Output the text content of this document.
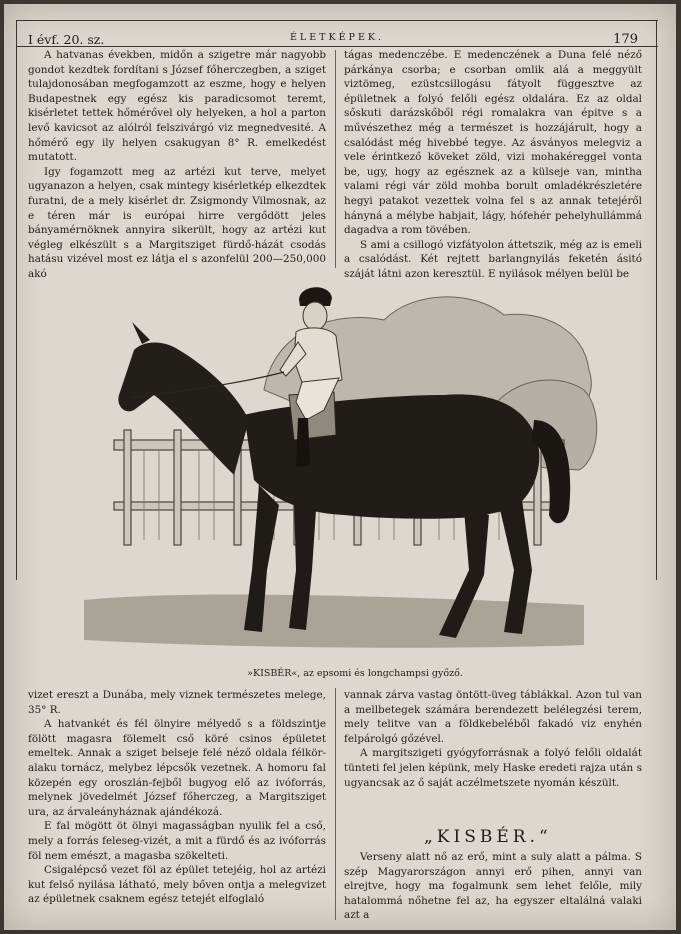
I évf. 20. sz.	ÉLETKÉPEK.	179

A hatvanas években, midőn a szigetre már nagyobb gondot kezdtek fordítani s József főherczegben, a sziget tulajdonosában megfogamzott az eszme, hogy e helyen Budapestnek egy egész kis paradicsomot teremt, kisérletet tettek hőmérővel oly helyeken, a hol a parton levő kavicsot az alólról felszivárgó viz megnedvesité. A hőmérő egy ily helyen csakugyan 8° R. emelkedést mutatott.

Igy fogamzott meg az artézi kut terve, melyet ugyanazon a helyen, csak mintegy kisérletkép elkezdtek furatni, de a mely kisérlet dr. Zsigmondy Vilmosnak, az e téren már is európai hirre vergődött jeles bányamérnöknek annyira sikerült, hogy az artézi kut végleg elkészült s a Margitsziget fürdő-házát csodás hatásu vizével most ez látja el s azonfelül 200—250,000 akó

tágas medenczébe. E medenczének a Duna felé néző párkánya csorba; e csorban omlik alá a meggyült viztömeg, ezüstcsillogásu fátyolt függesztve az épületnek a folyó felőli egész oldalára. Ez az oldal sőskuti darázskőből régi romalakra van épitve s a művészethez még a természet is hozzájárult, hogy a csalódást még hivebbé tegye. Az ásványos melegviz a vele érintkező köveket zöld, vizi mohakéreggel vonta be, ugy, hogy az egésznek az a külseje van, mintha valami régi vár zöld mohba borult omladékrészletére hegyi patakot vezettek volna fel s az annak tetejéről hányná a mélybe habjait, lágy, hófehér pehelyhullámmá dagadva a rom tövében.

S ami a csillogó vizfátyolon áttetszik, még az is emeli a csalódást. Két rejtett barlangnyilás feketén ásitó száját látni azon keresztül. E nyilások mélyen belül be

»KISBÉR«, az epsomi és longchampsi győző.

vizet ereszt a Dunába, mely viznek természetes melege, 35° R.

A hatvankét és fél ölnyire mélyedő s a földszintje fölött magasra fölemelt cső köré csinos épületet emeltek. Annak a sziget belseje felé néző oldala félkör-alaku tornácz, melybez lépcsők vezetnek. A homoru fal közepén egy oroszlán-fejből bugyog elő az ivóforrás, melynek jövedelmét József főherczeg, a Margitsziget ura, az árvaleányháznak ajándékozá.

E fal mögött öt ölnyi magasságban nyulik fel a cső, mely a forrás feleseg-vizét, a mit a fürdő és az ivóforrás föl nem emészt, a magasba szökelteti.

Csigalépcső vezet föl az épület tetejéig, hol az artézi kut felső nyilása látható, mely bőven ontja a melegvizet az épületnek csaknem egész tetejét elfoglaló

vannak zárva vastag öntött-üveg táblákkal. Azon tul van a mellbetegek számára berendezett belélegzési terem, mely telitve van a földkebeléből fakadó viz enyhén felpárolgó gőzével.

A margitszigeti gyógyforrásnak a folyó felőli oldalát tünteti fel jelen képünk, mely Haske eredeti rajza után s ugyancsak az ő saját aczélmetszete nyomán készült.

„KISBÉR.“

Verseny alatt nő az erő, mint a suly alatt a pálma. S szép Magyarországon annyi erő pihen, annyi van elrejtve, hogy ma fogalmunk sem lehet felőle, mily hatalommá nőhetne fel az, ha egyszer eltalálná valaki azt a
